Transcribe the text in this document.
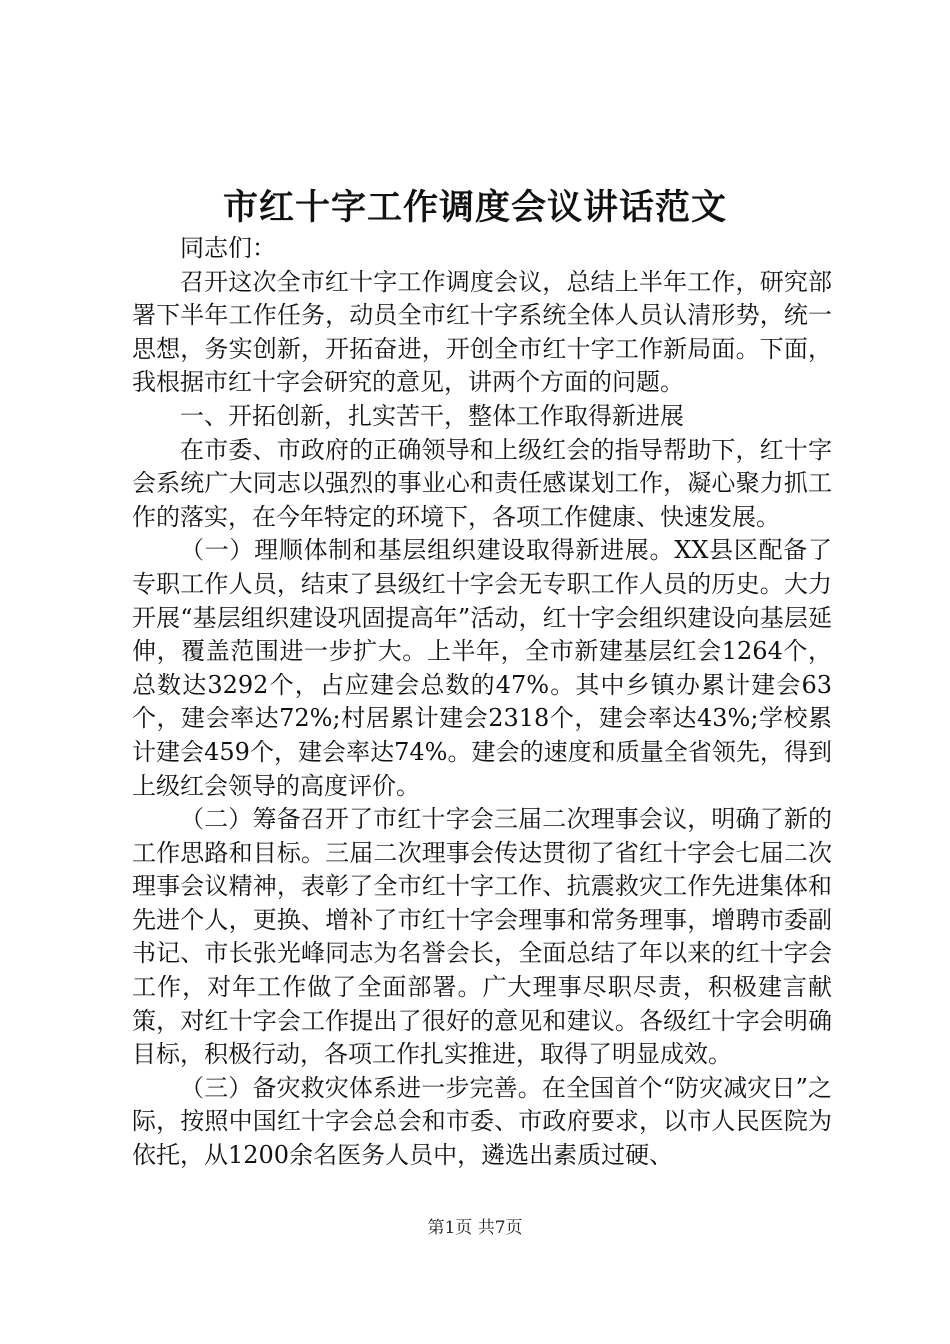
市红十字工作调度会议讲话范文

同志们：

召开这次全市红十字工作调度会议，总结上半年工作，研究部署下半年工作任务，动员全市红十字系统全体人员认清形势，统一思想，务实创新，开拓奋进，开创全市红十字工作新局面。下面，我根据市红十字会研究的意见，讲两个方面的问题。

一、开拓创新，扎实苦干，整体工作取得新进展

在市委、市政府的正确领导和上级红会的指导帮助下，红十字会系统广大同志以强烈的事业心和责任感谋划工作，凝心聚力抓工作的落实，在今年特定的环境下，各项工作健康、快速发展。

（一）理顺体制和基层组织建设取得新进展。XX县区配备了专职工作人员，结束了县级红十字会无专职工作人员的历史。大力开展“基层组织建设巩固提高年”活动，红十字会组织建设向基层延伸，覆盖范围进一步扩大。上半年，全市新建基层红会1264个，总数达3292个，占应建会总数的47%。其中乡镇办累计建会63个，建会率达72%;村居累计建会2318个，建会率达43%;学校累计建会459个，建会率达74%。建会的速度和质量全省领先，得到上级红会领导的高度评价。

（二）筹备召开了市红十字会三届二次理事会议，明确了新的工作思路和目标。三届二次理事会传达贯彻了省红十字会七届二次理事会议精神，表彰了全市红十字工作、抗震救灾工作先进集体和先进个人，更换、增补了市红十字会理事和常务理事，增聘市委副书记、市长张光峰同志为名誉会长，全面总结了年以来的红十字会工作，对年工作做了全面部署。广大理事尽职尽责，积极建言献策，对红十字会工作提出了很好的意见和建议。各级红十字会明确目标，积极行动，各项工作扎实推进，取得了明显成效。

（三）备灾救灾体系进一步完善。在全国首个“防灾减灾日”之际，按照中国红十字会总会和市委、市政府要求，以市人民医院为依托，从1200余名医务人员中，遴选出素质过硬、

第1页 共7页
